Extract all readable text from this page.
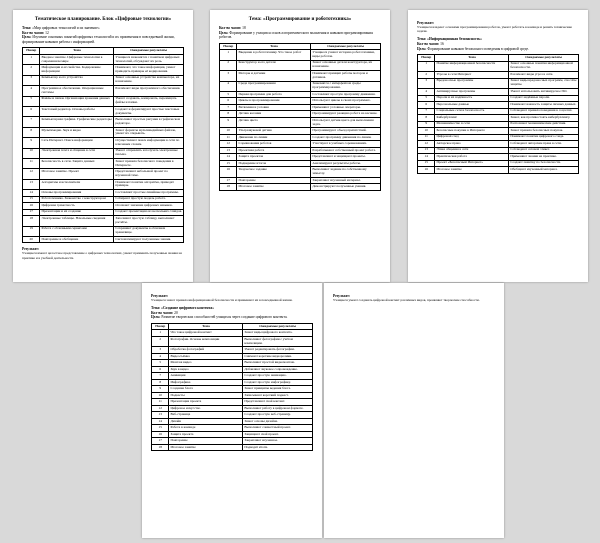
Тематическое планирование. Блок «Цифровые технологии»
Тема: «Мир цифровых технологий и их значение»
Кол-во часов: 12
Цель: Изучение основных понятий цифровых технологий и их применения в повседневной жизни, формирование навыков работы с информацией.
Номер	Тема	Ожидаемые результаты
1	Вводное занятие. Цифровые технологии в современном мире	Учащиеся знакомятся с понятием цифровых технологий, обсуждают их роль.
2	Информация и её свойства. Кодирование информации	Понимают, что такое информация, умеют приводить примеры её кодирования.
3	Компьютер и его устройства	Знают основные устройства компьютера, их назначение.
4	Программное обеспечение. Операционные системы	Различают виды программного обеспечения.
5	Файлы и папки. Организация хранения данных	Умеют создавать, копировать, перемещать файлы и папки.
6	Текстовый редактор. Основы работы	Создают и форматируют простые текстовые документы.
7	Компьютерная графика. Графические редакторы	Выполняют простые рисунки в графическом редакторе.
8	Мультимедиа. Звук и видео	Знают форматы мультимедийных файлов, умеют их открывать.
9	Сеть Интернет. Поиск информации	Осуществляют поиск информации в сети по ключевым словам.
10	Электронная почта и общение в сети	Умеют отправлять и получать электронные письма.
11	Безопасность в сети. Защита данных	Знают правила безопасного поведения в Интернете.
12	Итоговое занятие. Проект	Представляют небольшой проект по изученной теме.
13	Алгоритмы и исполнители	Понимают понятие алгоритма, приводят примеры.
14	Основы программирования	Составляют простые линейные программы.
15	Робототехника. Знакомство с конструктором	Собирают простую модель робота.
16	Цифровая грамотность	Осознают значение цифровых навыков.
17	Презентации и их создание	Создают презентацию из нескольких слайдов.
18	Электронные таблицы. Начальные сведения	Заполняют простую таблицу, выполняют расчёты.
19	Работа с облачными сервисами	Сохраняют документы в облачном хранилище.
20	Повторение и обобщение	Систематизируют полученные знания.
Результат:
Учащиеся имеют целостное представление о цифровых технологиях, умеют применять полученные знания на практике и в учебной деятельности.
Тема: «Программирование и робототехника»
Кол-во часов: 18
Цель: Формирование у учащихся основ алгоритмического мышления и навыков программирования роботов.
Номер	Тема	Ожидаемые результаты
1	Введение в робототехнику. Что такое робот	Учащиеся узнают историю робототехники, виды роботов.
2	Конструктор и его детали	Знают основные детали конструктора, их назначение.
3	Моторы и датчики	Понимают принцип работы моторов и датчиков.
4	Среда программирования	Знакомятся с интерфейсом среды программирования.
5	Первая программа для робота	Составляют простую программу движения.
6	Циклы в программировании	Используют циклы в своих программах.
7	Ветвления и условия	Применяют условные операторы.
8	Датчик касания	Программируют реакцию робота на касание.
9	Датчик цвета	Используют датчик цвета для выполнения задач.
10	Ультразвуковой датчик	Программируют объезд препятствий.
11	Движение по линии	Создают программу движения по линии.
12	Соревнования роботов	Участвуют в учебных соревнованиях.
13	Проектная работа	Разрабатывают собственный проект робота.
14	Защита проектов	Представляют и защищают проекты.
15	Подведение итогов	Анализируют результаты работы.
16	Творческое задание	Выполняют задание по собственному замыслу.
17	Повторение	Закрепляют изученный материал.
18	Итоговое занятие	Демонстрируют полученные умения.
Результат:
Учащиеся владеют основами программирования роботов, умеют работать в команде и решать технические задачи.
Тема: «Информационная безопасность»
Кол-во часов: 16
Цель: Формирование навыков безопасного поведения в цифровой среде.
Номер	Тема	Ожидаемые результаты
1	Понятие информационной безопасности	Знают основные понятия информационной безопасности.
2	Угрозы в сети Интернет	Различают виды угроз в сети.
3	Вредоносные программы	Знают виды вредоносных программ, способы защиты.
4	Антивирусные программы	Умеют использовать антивирусное ПО.
5	Пароли и их надёжность	Создают надёжные пароли.
6	Персональные данные	Понимают важность защиты личных данных.
7	Социальные сети и безопасность	Соблюдают правила поведения в соцсетях.
8	Кибербуллинг	Знают, как противостоять кибербуллингу.
9	Мошенничество в сети	Распознают мошеннические действия.
10	Безопасные покупки в Интернете	Знают правила безопасных покупок.
11	Цифровой след	Понимают понятие цифрового следа.
12	Авторское право	Соблюдают авторские права в сети.
13	Этика общения в сети	Соблюдают сетевой этикет.
14	Практическая работа	Применяют знания на практике.
15	Проект «Безопасный Интернет»	Создают памятку по безопасности.
16	Итоговое занятие	Обобщают изученный материал.
Результат:
Учащиеся знают правила информационной безопасности и применяют их в повседневной жизни.
Тема: «Создание цифрового контента»
Кол-во часов: 20
Цель: Развитие творческих способностей учащихся через создание цифрового контента.
Номер	Тема	Ожидаемые результаты
1	Что такое цифровой контент	Знают виды цифрового контента.
2	Фотография. Основы композиции	Выполняют фотографии с учётом композиции.
3	Обработка фотографий	Умеют редактировать фотографии.
4	Видеосъёмка	Снимают короткие видеоролики.
5	Монтаж видео	Выполняют простой видеомонтаж.
6	Звук в видео	Добавляют звуковое сопровождение.
7	Анимация	Создают простую анимацию.
8	Инфографика	Создают простую инфографику.
9	Создание блога	Знают принципы ведения блога.
10	Подкасты	Записывают короткий подкаст.
11	Презентация проекта	Представляют свой контент.
12	Цифровое искусство	Выполняют работу в цифровом формате.
13	Веб-страница	Создают простую веб-страницу.
14	Дизайн	Знают основы дизайна.
15	Работа в команде	Выполняют совместный проект.
16	Защита проекта	Защищают свой проект.
17	Повторение	Закрепляют изученное.
18	Итоговое занятие	Подводят итоги.
Результат:
Учащиеся умеют создавать цифровой контент различных видов, проявляют творческие способности.
